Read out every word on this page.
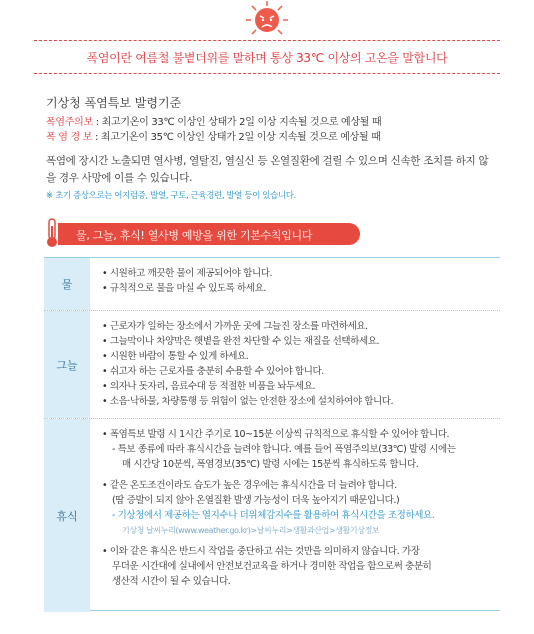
폭염이란 여름철 불볕더위를 말하며 통상 33℃ 이상의 고온을 말합니다
기상청 폭염특보 발령기준
폭염주의보 : 최고기온이 33℃ 이상인 상태가 2일 이상 지속될 것으로 예상될 때
폭 염 경 보 : 최고기온이 35℃ 이상인 상태가 2일 이상 지속될 것으로 예상될 때
폭염에 장시간 노출되면 열사병, 열탈진, 열실신 등 온열질환에 걸릴 수 있으며 신속한 조치를 하지 않을 경우 사망에 이를 수 있습니다.
※ 초기 증상으로는 어지럼증, 발열, 구토, 근육경련, 발열 등이 있습니다.
물, 그늘, 휴식! 열사병 예방을 위한 기본수칙입니다
물
• 시원하고 깨끗한 물이 제공되어야 합니다.
• 규칙적으로 물을 마실 수 있도록 하세요.
그늘
• 근로자가 일하는 장소에서 가까운 곳에 그늘진 장소를 마련하세요.
• 그늘막이나 차양막은 햇볕을 완전 차단할 수 있는 재질을 선택하세요.
• 시원한 바람이 통할 수 있게 하세요.
• 쉬고자 하는 근로자를 충분히 수용할 수 있어야 합니다.
• 의자나 돗자리, 음료수대 등 적절한 비품을 놔두세요.
• 소음·낙하물, 차량통행 등 위험이 없는 안전한 장소에 설치하여야 합니다.
휴식
• 폭염특보 발령 시 1시간 주기로 10~15분 이상씩 규칙적으로 휴식할 수 있어야 합니다.
- 특보 종류에 따라 휴식시간을 늘려야 합니다. 예를 들어 폭염주의보(33℃) 발령 시에는
매 시간당 10분씩, 폭염경보(35℃) 발령 시에는 15분씩 휴식하도록 합니다.
• 같은 온도조건이라도 습도가 높은 경우에는 휴식시간을 더 늘려야 합니다.
(땀 증발이 되지 않아 온열질환 발생 가능성이 더욱 높아지기 때문입니다.)
- 기상청에서 제공하는 열지수나 더위체감지수를 활용하여 휴식시간을 조정하세요.
기상청 날씨누리(www.weather.go.kr)>날씨누리>생활과산업>생활기상정보
• 이와 같은 휴식은 반드시 작업을 중단하고 쉬는 것만을 의미하지 않습니다. 가장
무더운 시간대에 실내에서 안전보건교육을 하거나 경미한 작업을 함으로써 충분히
생산적 시간이 될 수 있습니다.
